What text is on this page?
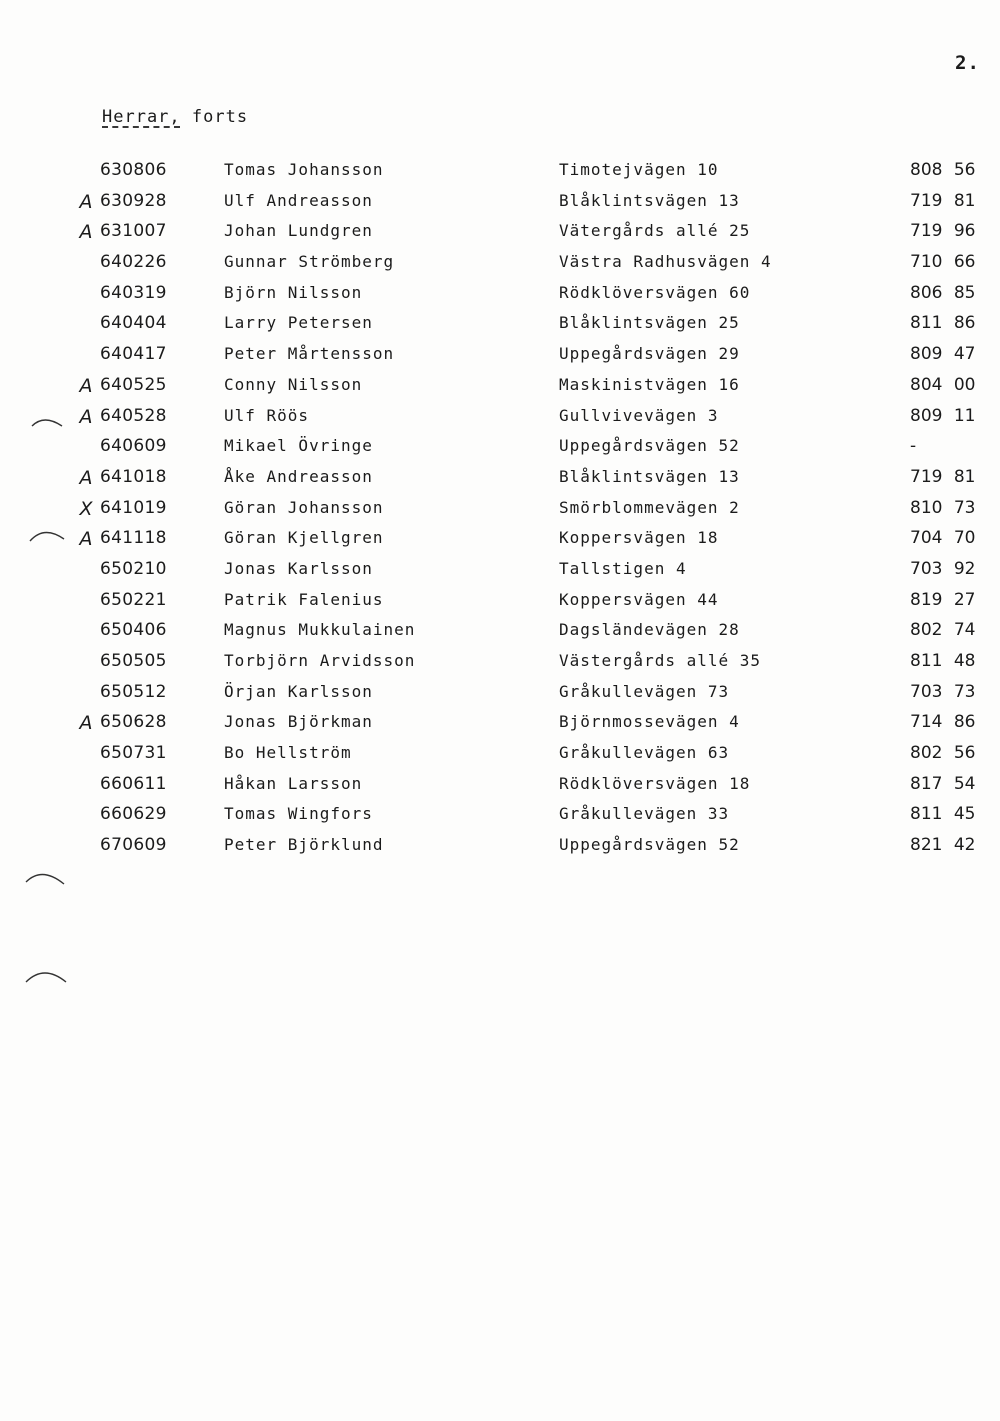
2.
Herrar, forts
630806	Tomas Johansson	Timotejvägen 10	808 56
A 630928	Ulf Andreasson	Blåklintsvägen 13	719 81
A 631007	Johan Lundgren	Vätergårds allé 25	719 96
640226	Gunnar Strömberg	Västra Radhusvägen 4	710 66
640319	Björn Nilsson	Rödklöversvägen 60	806 85
640404	Larry Petersen	Blåklintsvägen 25	811 86
640417	Peter Mårtensson	Uppegårdsvägen 29	809 47
A 640525	Conny Nilsson	Maskinistvägen 16	804 00
A 640528	Ulf Röös	Gullvivevägen 3	809 11
640609	Mikael Övringe	Uppegårdsvägen 52	-
A 641018	Åke Andreasson	Blåklintsvägen 13	719 81
X 641019	Göran Johansson	Smörblommevägen 2	810 73
A 641118	Göran Kjellgren	Koppersvägen 18	704 70
650210	Jonas Karlsson	Tallstigen 4	703 92
650221	Patrik Falenius	Koppersvägen 44	819 27
650406	Magnus Mukkulainen	Dagsländevägen 28	802 74
650505	Torbjörn Arvidsson	Västergårds allé 35	811 48
650512	Örjan Karlsson	Gråkullevägen 73	703 73
A 650628	Jonas Björkman	Björnmossevägen 4	714 86
650731	Bo Hellström	Gråkullevägen 63	802 56
660611	Håkan Larsson	Rödklöversvägen 18	817 54
660629	Tomas Wingfors	Gråkullevägen 33	811 45
670609	Peter Björklund	Uppegårdsvägen 52	821 42
